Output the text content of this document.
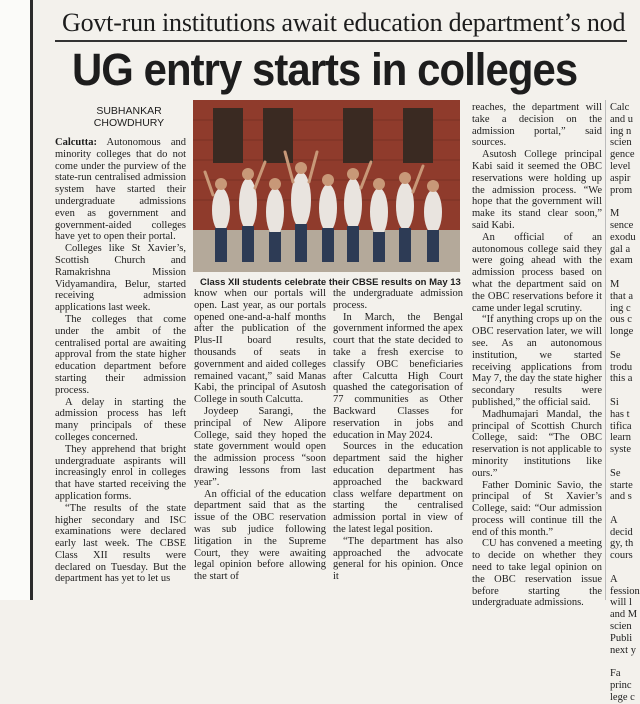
Govt-run institutions await education department’s nod
UG entry starts in colleges
SUBHANKAR
CHOWDHURY
Class XII students celebrate their CBSE results on May 13

Calcutta: Autonomous and minority colleges that do not come under the purview of the state-run centralised admission system have started their undergraduate admissions even as government and government-aided colleges have yet to open their portal.

Colleges like St Xavier’s, Scottish Church and Ramakrishna Mission Vidyamandira, Belur, started receiving admission applications last week.

The colleges that come under the ambit of the centralised portal are awaiting approval from the state higher education department before starting their admission process.

A delay in starting the admission process has left many principals of these colleges concerned.

They apprehend that bright undergraduate aspirants will increasingly enrol in colleges that have started receiving the application forms.

“The results of the state higher secondary and ISC examinations were declared early last week. The CBSE Class XII results were declared on Tuesday. But the department has yet to let us

know when our portals will open. Last year, as our portals opened one-and-a-half months after the publication of the Plus-II board results, thousands of seats in government and aided colleges remained vacant,” said Manas Kabi, the principal of Asutosh College in south Calcutta.

Joydeep Sarangi, the principal of New Alipore College, said they hoped the state government would open the admission process “soon drawing lessons from last year”.

An official of the education department said that as the issue of the OBC reservation was sub judice following litigation in the Supreme Court, they were awaiting legal opinion before allowing the start of

the undergraduate admission process.

In March, the Bengal government informed the apex court that the state decided to take a fresh exercise to classify OBC beneficiaries after Calcutta High Court quashed the categorisation of 77 communities as Other Backward Classes for reservation in jobs and education in May 2024.

Sources in the education department said the higher education department has approached the backward class welfare department on starting the centralised admission portal in view of the latest legal position.

“The department has also approached the advocate general for his opinion. Once it

reaches, the department will take a decision on the admission portal,” said sources.

Asutosh College principal Kabi said it seemed the OBC reservations were holding up the admission process. “We hope that the government will make its stand clear soon,” said Kabi.

An official of an autonomous college said they were going ahead with the admission process based on what the department said on the OBC reservations before it came under legal scrutiny.

“If anything crops up on the OBC reservation later, we will see. As an autonomous institution, we started receiving applications from May 7, the day the state higher secondary results were published,” the official said.

Madhumajari Mandal, the principal of Scottish Church College, said: “The OBC reservation is not applicable to minority institutions like ours.”

Father Dominic Savio, the principal of St Xavier’s College, said: “Our admission process will continue till the end of this month.”

CU has convened a meeting to decide on whether they need to take legal opinion on the OBC reservation issue before starting the undergraduate admissions.

Calc

and u

ing n

scien

gence

level

aspir

prom

M

sence

exodu

gal a

exam

M

that a

ing c

ous c

longe

Se

trodu

this a

Si

has t

tifica

learn

syste

Se

starte

and s

A

decid

gy, th

cours

A

fession

will l

and M

scien

Publi

next y

Fa

princ

lege c
